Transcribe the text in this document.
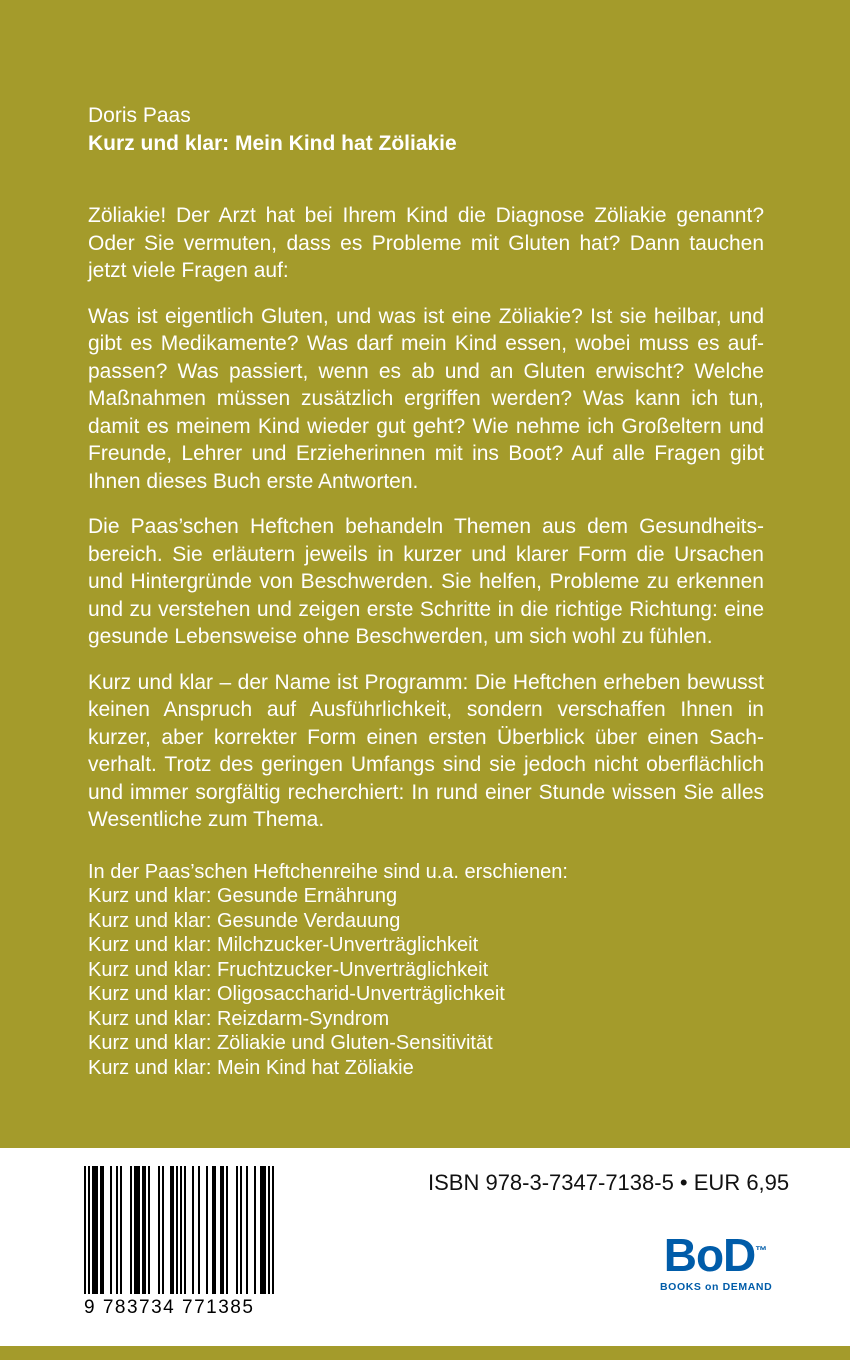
Doris Paas

Kurz und klar: Mein Kind hat Zöliakie

Zöliakie! Der Arzt hat bei Ihrem Kind die Diagnose Zöliakie genannt? Oder Sie vermuten, dass es Probleme mit Gluten hat? Dann tauchen jetzt viele Fragen auf:

Was ist eigentlich Gluten, und was ist eine Zöliakie? Ist sie heilbar, und gibt es Medikamente? Was darf mein Kind essen, wobei muss es aufpassen? Was passiert, wenn es ab und an Gluten erwischt? Welche Maßnahmen müssen zusätzlich ergriffen werden? Was kann ich tun, damit es meinem Kind wieder gut geht? Wie nehme ich Großeltern und Freunde, Lehrer und Erzieherinnen mit ins Boot? Auf alle Fragen gibt Ihnen dieses Buch erste Antworten.

Die Paas’schen Heftchen behandeln Themen aus dem Gesundheitsbereich. Sie erläutern jeweils in kurzer und klarer Form die Ursachen und Hintergründe von Beschwerden. Sie helfen, Probleme zu erkennen und zu verstehen und zeigen erste Schritte in die richtige Richtung: eine gesunde Lebensweise ohne Beschwerden, um sich wohl zu fühlen.

Kurz und klar – der Name ist Programm: Die Heftchen erheben bewusst keinen Anspruch auf Ausführlichkeit, sondern verschaffen Ihnen in kurzer, aber korrekter Form einen ersten Überblick über einen Sachverhalt. Trotz des geringen Umfangs sind sie jedoch nicht oberflächlich und immer sorgfältig recherchiert: In rund einer Stunde wissen Sie alles Wesentliche zum Thema.

In der Paas’schen Heftchenreihe sind u.a. erschienen:

Kurz und klar: Gesunde Ernährung

Kurz und klar: Gesunde Verdauung

Kurz und klar: Milchzucker-Unverträglichkeit

Kurz und klar: Fruchtzucker-Unverträglichkeit

Kurz und klar: Oligosaccharid-Unverträglichkeit

Kurz und klar: Reizdarm-Syndrom

Kurz und klar: Zöliakie und Gluten-Sensitivität

Kurz und klar: Mein Kind hat Zöliakie

9 783734 771385
ISBN 978-3-7347-7138-5 • EUR 6,95
BoD™
BOOKS on DEMAND
